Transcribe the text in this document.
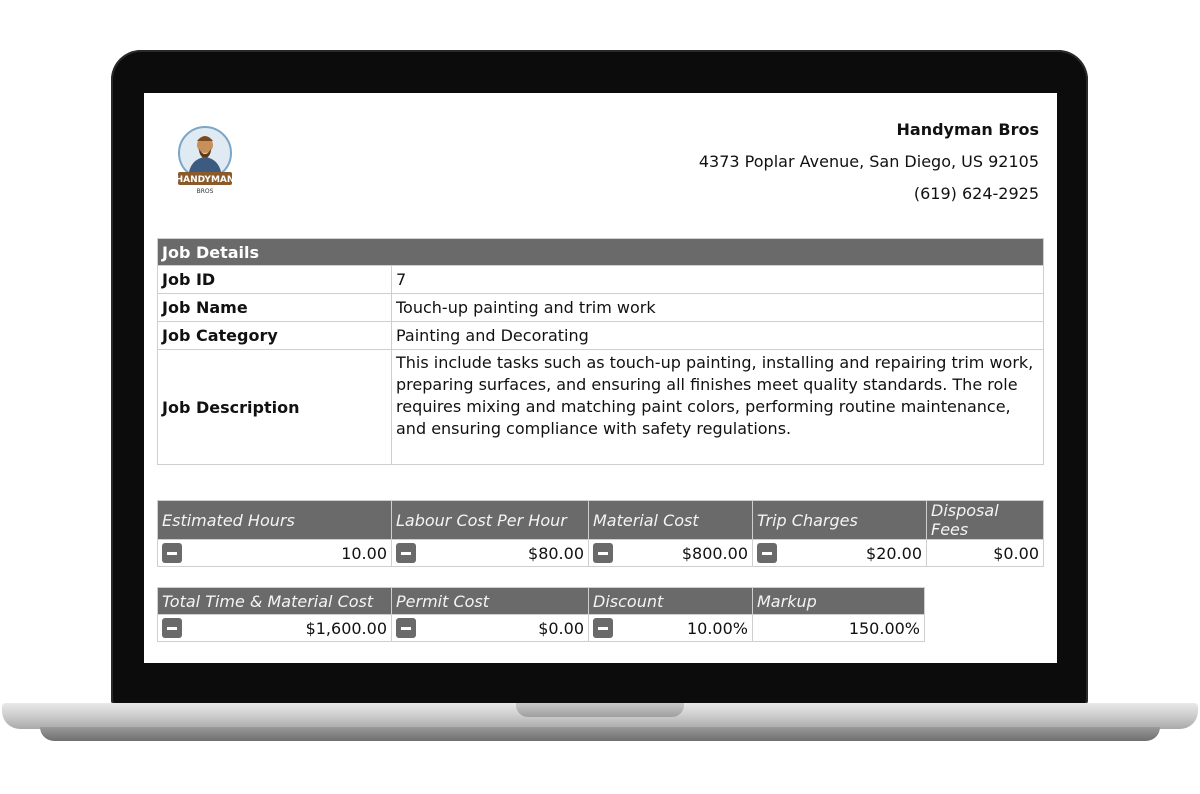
HANDYMAN
BROS
Handyman Bros
4373 Poplar Avenue, San Diego, US 92105
(619) 624-2925
Job Details	
Job ID	7
Job Name	Touch-up painting and trim work
Job Category	Painting and Decorating
Job Description	This include tasks such as touch-up painting, installing and repairing trim work, preparing surfaces, and ensuring all finishes meet quality standards. The role requires mixing and matching paint colors, performing routine maintenance, and ensuring compliance with safety regulations.
Estimated Hours	Labour Cost Per Hour	Material Cost	Trip Charges	Disposal Fees

10.00	$80.00	$800.00	$20.00	$0.00
Total Time & Material Cost	Permit Cost	Discount	Markup

$1,600.00	$0.00	10.00%	150.00%
